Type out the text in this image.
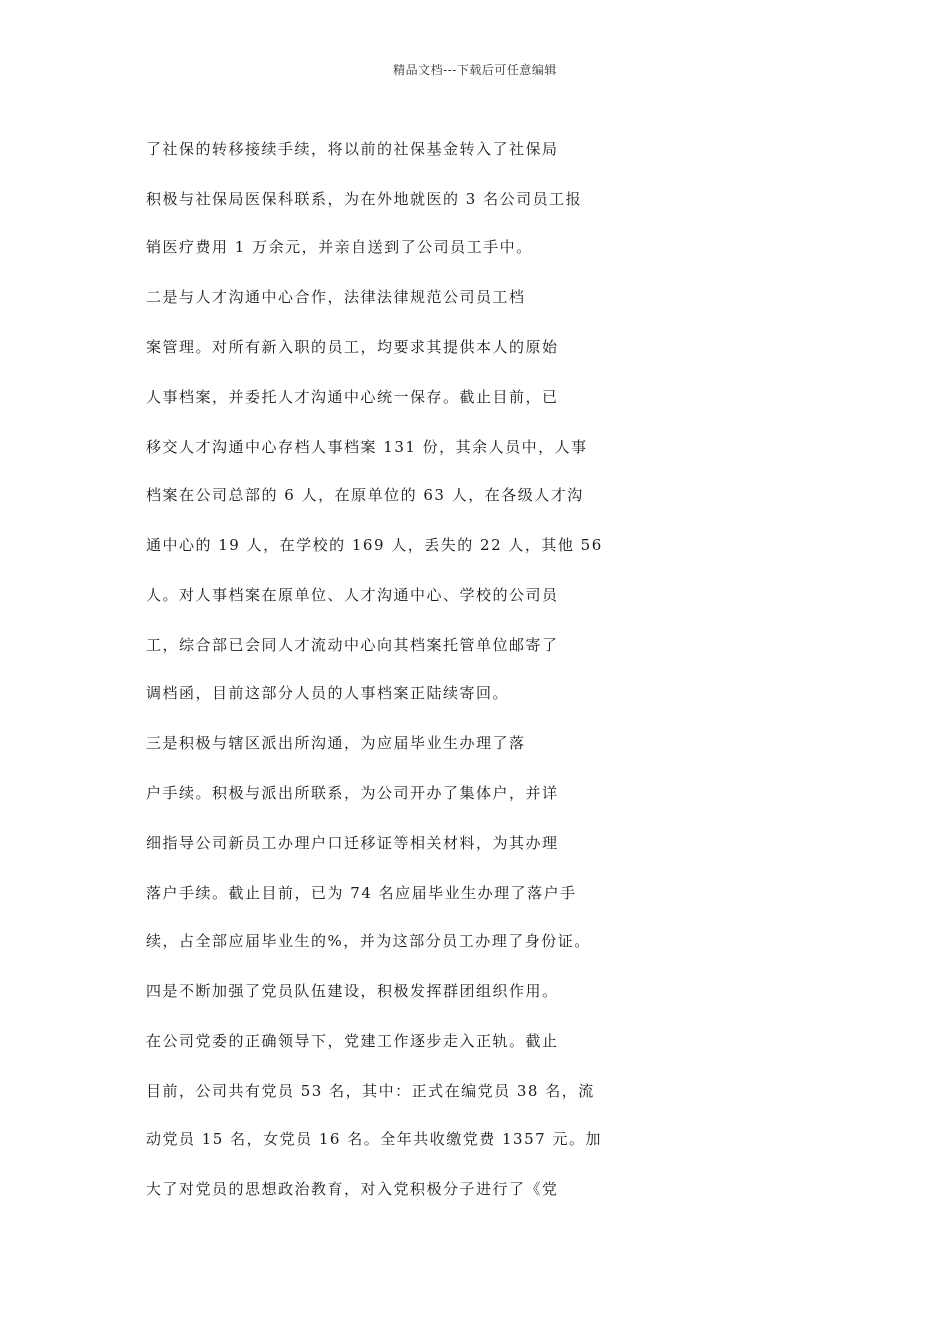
精品文档---下载后可任意编辑
了社保的转移接续手续，将以前的社保基金转入了社保局
积极与社保局医保科联系，为在外地就医的 3 名公司员工报
销医疗费用 1 万余元，并亲自送到了公司员工手中。
二是与人才沟通中心合作，法律法律规范公司员工档
案管理。对所有新入职的员工，均要求其提供本人的原始
人事档案，并委托人才沟通中心统一保存。截止目前，已
移交人才沟通中心存档人事档案 131 份，其余人员中，人事
档案在公司总部的 6 人，在原单位的 63 人，在各级人才沟
通中心的 19 人，在学校的 169 人，丢失的 22 人，其他 56
人。对人事档案在原单位、人才沟通中心、学校的公司员
工，综合部已会同人才流动中心向其档案托管单位邮寄了
调档函，目前这部分人员的人事档案正陆续寄回。
三是积极与辖区派出所沟通，为应届毕业生办理了落
户手续。积极与派出所联系，为公司开办了集体户，并详
细指导公司新员工办理户口迁移证等相关材料，为其办理
落户手续。截止目前，已为 74 名应届毕业生办理了落户手
续，占全部应届毕业生的%，并为这部分员工办理了身份证。
四是不断加强了党员队伍建设，积极发挥群团组织作用。
在公司党委的正确领导下，党建工作逐步走入正轨。截止
目前，公司共有党员 53 名，其中：正式在编党员 38 名，流
动党员 15 名，女党员 16 名。全年共收缴党费 1357 元。加
大了对党员的思想政治教育，对入党积极分子进行了《党
